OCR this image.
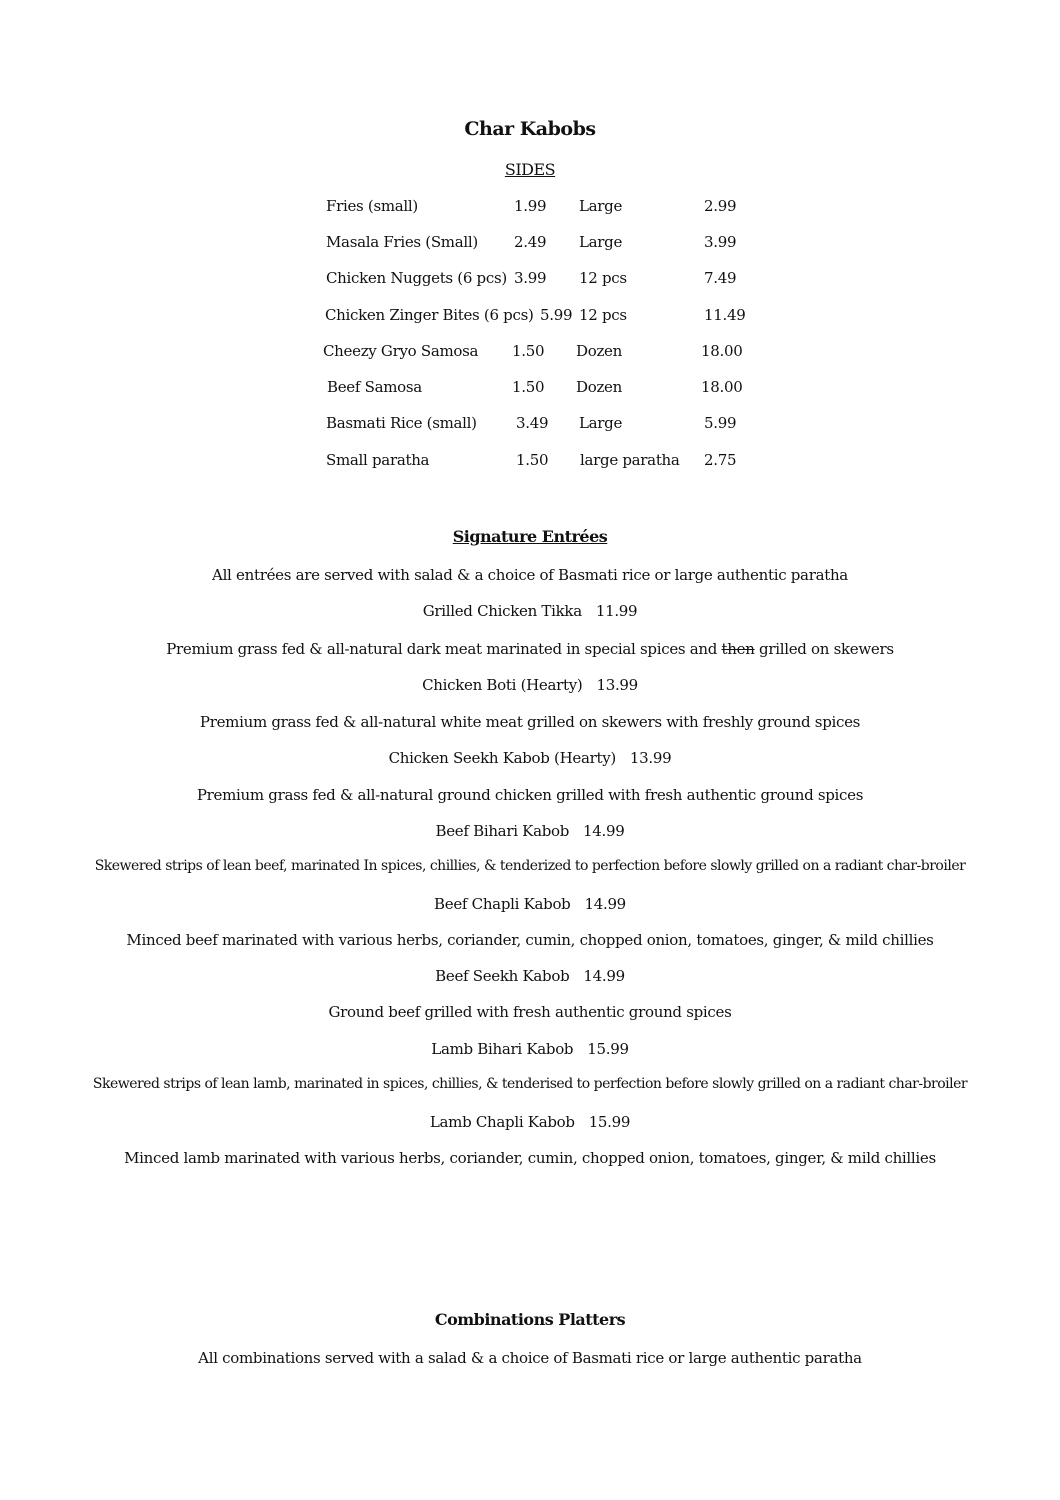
Char Kabobs
SIDES
Fries (small)	1.99 Large	2.99
Masala Fries (Small) 2.49 Large	3.99
Chicken Nuggets (6 pcs) 3.99 12 pcs	7.49
Chicken Zinger Bites (6 pcs) 5.99 12 pcs	11.49
Cheezy Gryo Samosa 1.50 Dozen	18.00
Beef Samosa	1.50 Dozen	18.00
Basmati Rice (small)	3.49 Large	5.99
Small paratha	1.50 large paratha 2.75
Signature Entrées
All entrées are served with salad & a choice of Basmati rice or large authentic paratha
Grilled Chicken Tikka 11.99
Premium grass fed & all-natural dark meat marinated in special spices and then grilled on skewers
Chicken Boti (Hearty) 13.99
Premium grass fed & all-natural white meat grilled on skewers with freshly ground spices
Chicken Seekh Kabob (Hearty) 13.99
Premium grass fed & all-natural ground chicken grilled with fresh authentic ground spices
Beef Bihari Kabob 14.99
Skewered strips of lean beef, marinated In spices, chillies, & tenderized to perfection before slowly grilled on a radiant char-broiler
Beef Chapli Kabob 14.99
Minced beef marinated with various herbs, coriander, cumin, chopped onion, tomatoes, ginger, & mild chillies
Beef Seekh Kabob 14.99
Ground beef grilled with fresh authentic ground spices
Lamb Bihari Kabob 15.99
Skewered strips of lean lamb, marinated in spices, chillies, & tenderised to perfection before slowly grilled on a radiant char-broiler
Lamb Chapli Kabob 15.99
Minced lamb marinated with various herbs, coriander, cumin, chopped onion, tomatoes, ginger, & mild chillies
Combinations Platters
All combinations served with a salad & a choice of Basmati rice or large authentic paratha
